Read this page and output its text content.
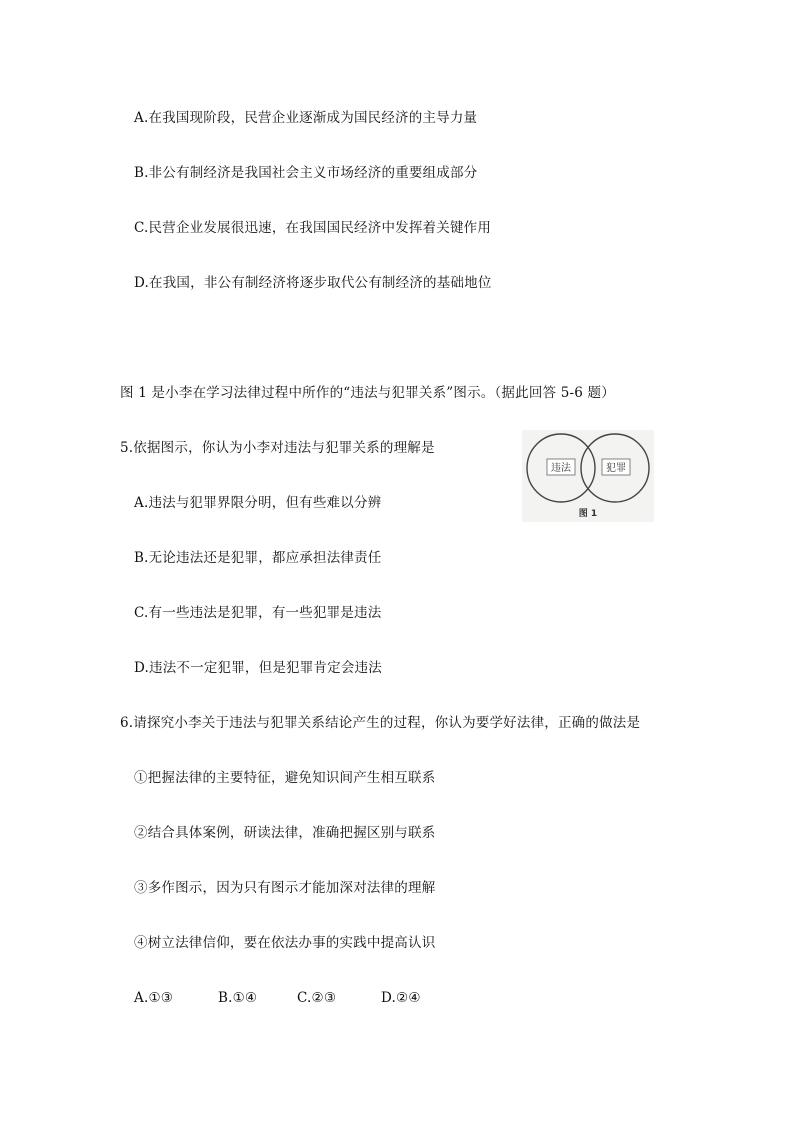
A.在我国现阶段，民营企业逐渐成为国民经济的主导力量
B.非公有制经济是我国社会主义市场经济的重要组成部分
C.民营企业发展很迅速，在我国国民经济中发挥着关键作用
D.在我国，非公有制经济将逐步取代公有制经济的基础地位
图 1 是小李在学习法律过程中所作的“违法与犯罪关系”图示。（据此回答 5-6 题）
违法	犯罪
图 1
5.依据图示，你认为小李对违法与犯罪关系的理解是
A.违法与犯罪界限分明，但有些难以分辨
B.无论违法还是犯罪，都应承担法律责任
C.有一些违法是犯罪，有一些犯罪是违法
D.违法不一定犯罪，但是犯罪肯定会违法
6.请探究小李关于违法与犯罪关系结论产生的过程，你认为要学好法律，正确的做法是
①把握法律的主要特征，避免知识间产生相互联系
②结合具体案例，研读法律，准确把握区别与联系
③多作图示，因为只有图示才能加深对法律的理解
④树立法律信仰，要在依法办事的实践中提高认识
A.①③	B.①④	C.②③	D.②④
